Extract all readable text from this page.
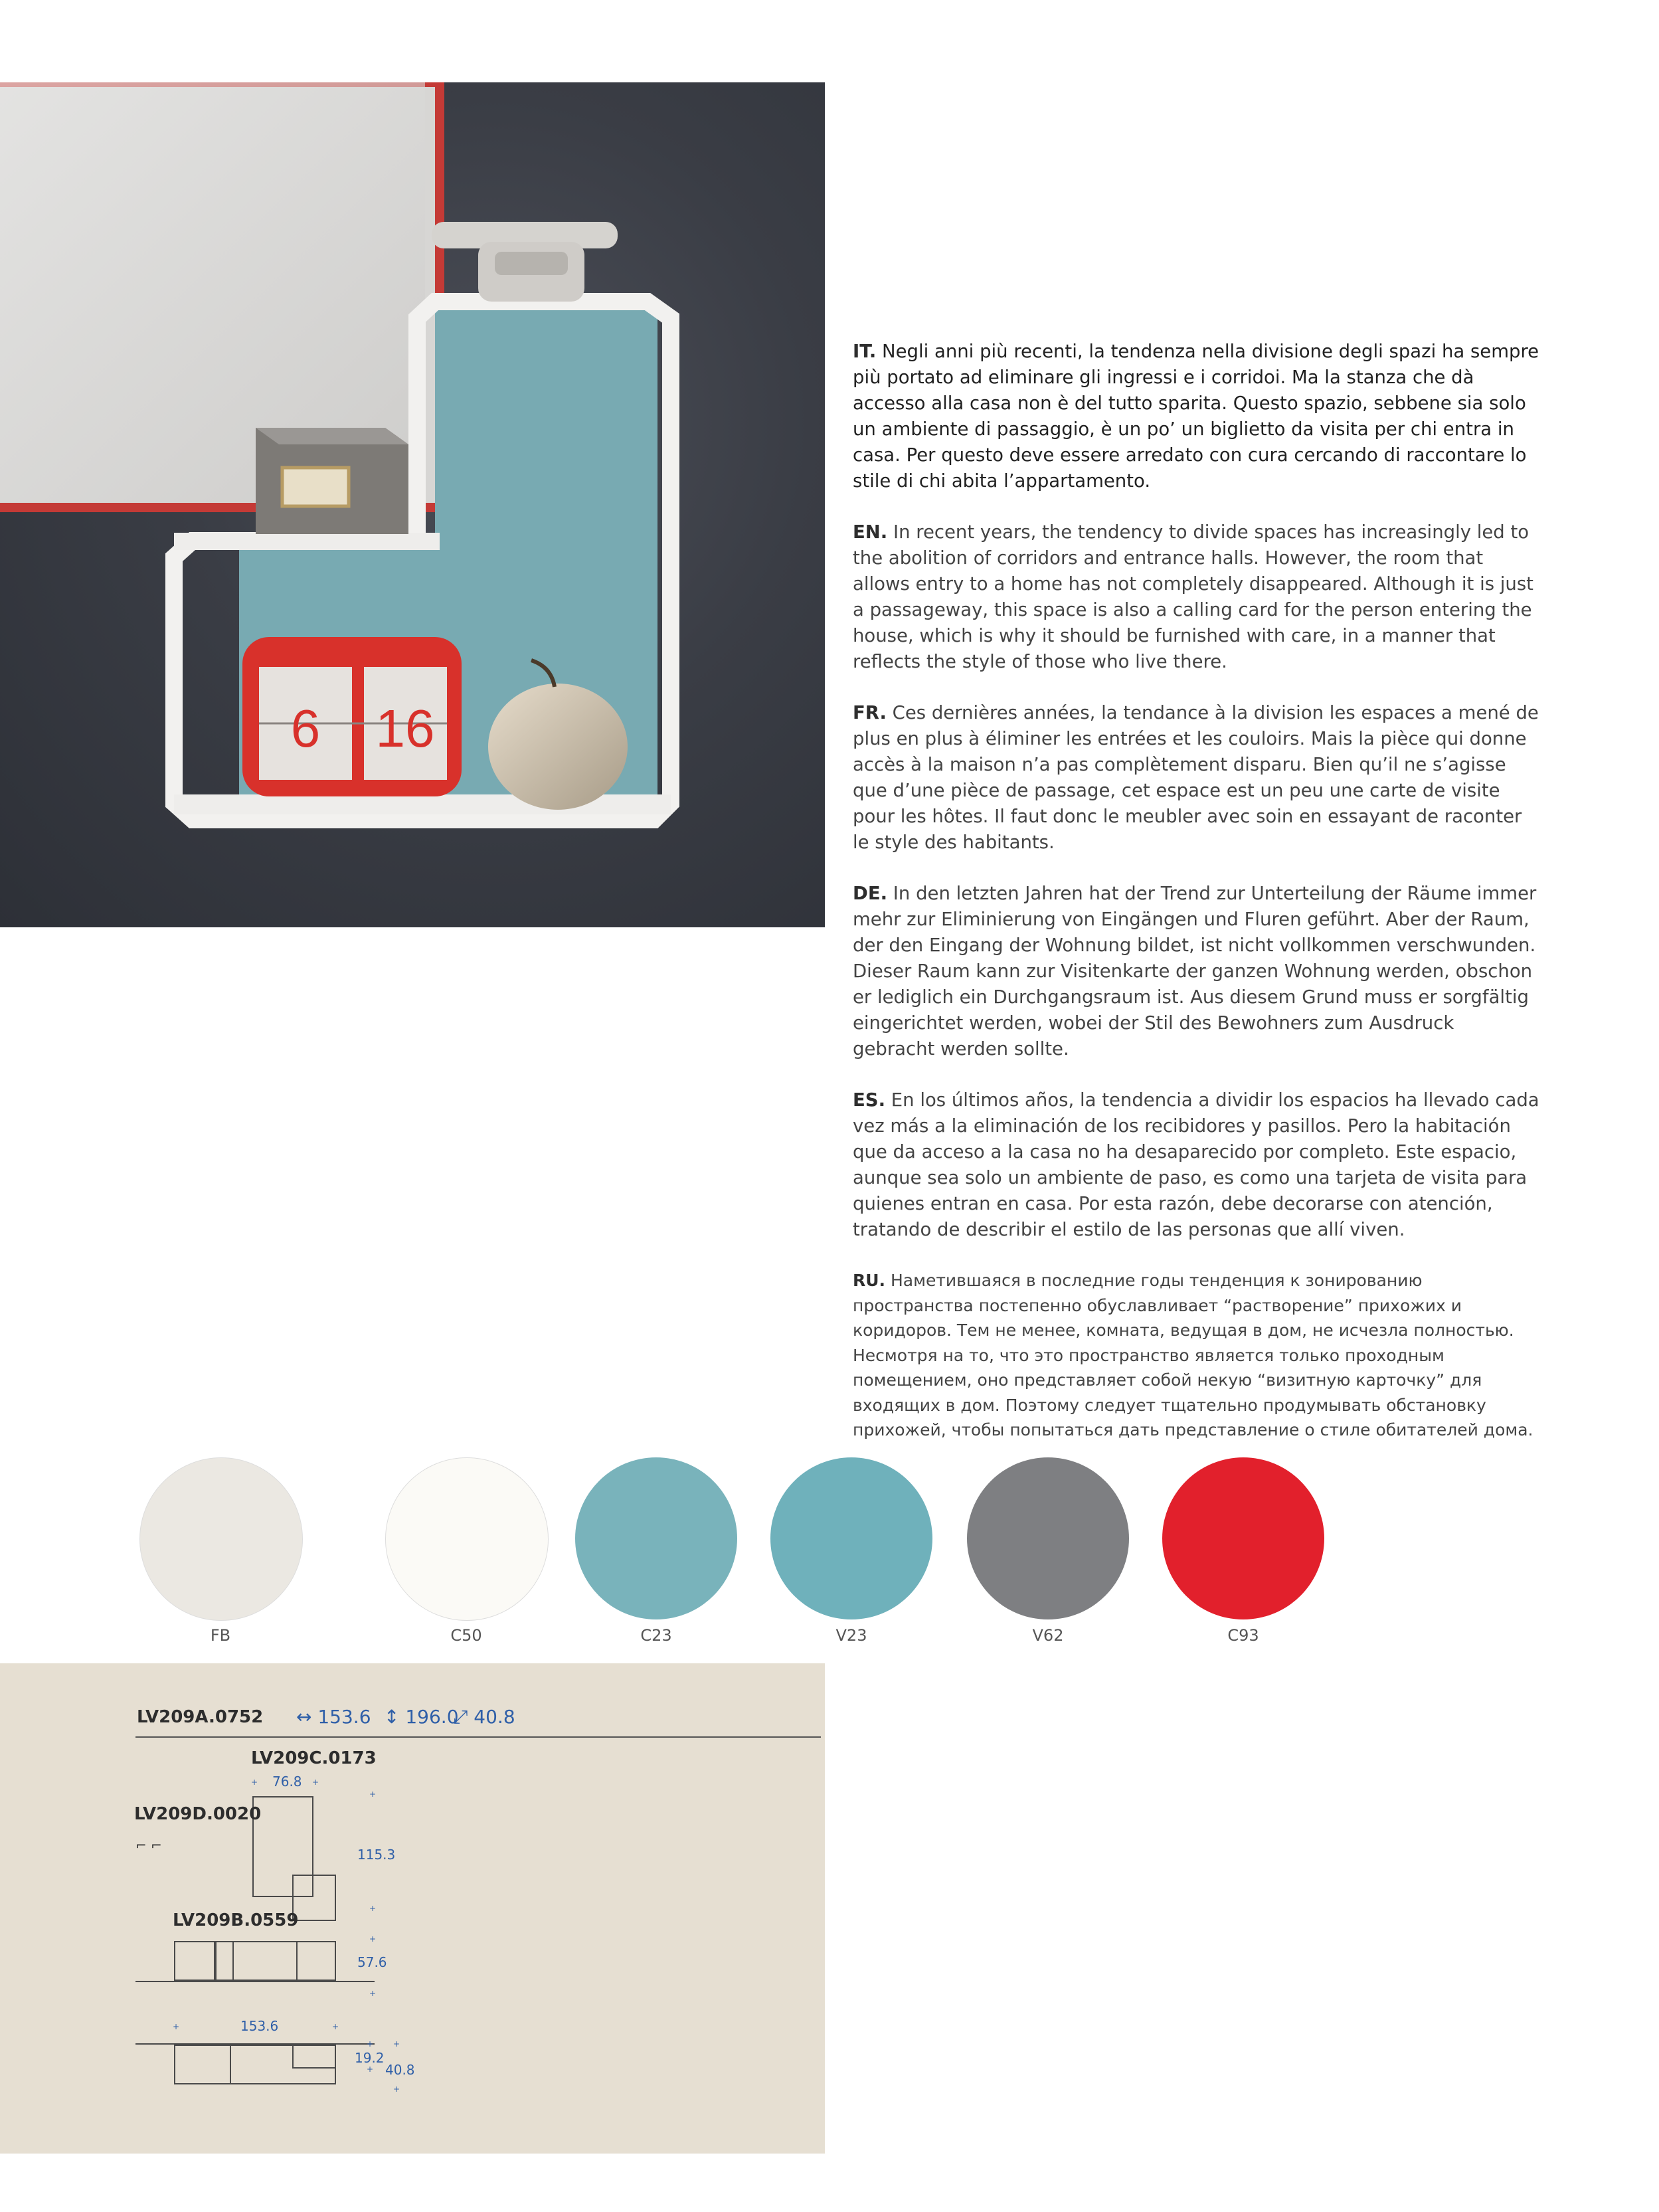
6 16

IT. Negli anni più recenti, la tendenza nella divisione degli spazi ha sempre più portato ad eliminare gli ingressi e i corridoi. Ma la stanza che dà accesso alla casa non è del tutto sparita. Questo spazio, sebbene sia solo un ambiente di passaggio, è un po’ un biglietto da visita per chi entra in casa. Per questo deve essere arredato con cura cercando di raccontare lo stile di chi abita l’appartamento.

EN. In recent years, the tendency to divide spaces has increasingly led to the abolition of corridors and entrance halls. However, the room that allows entry to a home has not completely disappeared. Although it is just a passageway, this space is also a calling card for the person entering the house, which is why it should be furnished with care, in a manner that reflects the style of those who live there.

FR. Ces dernières années, la tendance à la division les espaces a mené de plus en plus à éliminer les entrées et les couloirs. Mais la pièce qui donne accès à la maison n’a pas complètement disparu. Bien qu’il ne s’agisse que d’une pièce de passage, cet espace est un peu une carte de visite pour les hôtes. Il faut donc le meubler avec soin en essayant de raconter le style des habitants.

DE. In den letzten Jahren hat der Trend zur Unterteilung der Räume immer mehr zur Eliminierung von Eingängen und Fluren geführt. Aber der Raum, der den Eingang der Wohnung bildet, ist nicht vollkommen verschwunden. Dieser Raum kann zur Visitenkarte der ganzen Wohnung werden, obschon er lediglich ein Durchgangsraum ist. Aus diesem Grund muss er sorgfältig eingerichtet werden, wobei der Stil des Bewohners zum Ausdruck gebracht werden sollte.

ES. En los últimos años, la tendencia a dividir los espacios ha llevado cada vez más a la eliminación de los recibidores y pasillos. Pero la habitación que da acceso a la casa no ha desaparecido por completo. Este espacio, aunque sea solo un ambiente de paso, es como una tarjeta de visita para quienes entran en casa. Por esta razón, debe decorarse con atención, tratando de describir el estilo de las personas que allí viven.

RU. Наметившаяся в последние годы тенденция к зонированию пространства постепенно обуславливает “растворение” прихожих и коридоров. Тем не менее, комната, ведущая в дом, не исчезла полностью. Несмотря на то, что это пространство является только проходным помещением, оно представляет собой некую “визитную карточку” для входящих в дом. Поэтому следует тщательно продумывать обстановку прихожей, чтобы попытаться дать представление о стиле обитателей дома.

FB	C50	C23	V23	V62	C93
LV209A.0752 ↔ 153.6 ↕ 196.0
⤢ 40.8
LV209C.0173
+ 76.8 +
+
115.3
LV209D.0020
⌐ ⌐
+
LV209B.0559
+
57.6
+
+	153.6	+
+ +
19.2
40.8
+
+
